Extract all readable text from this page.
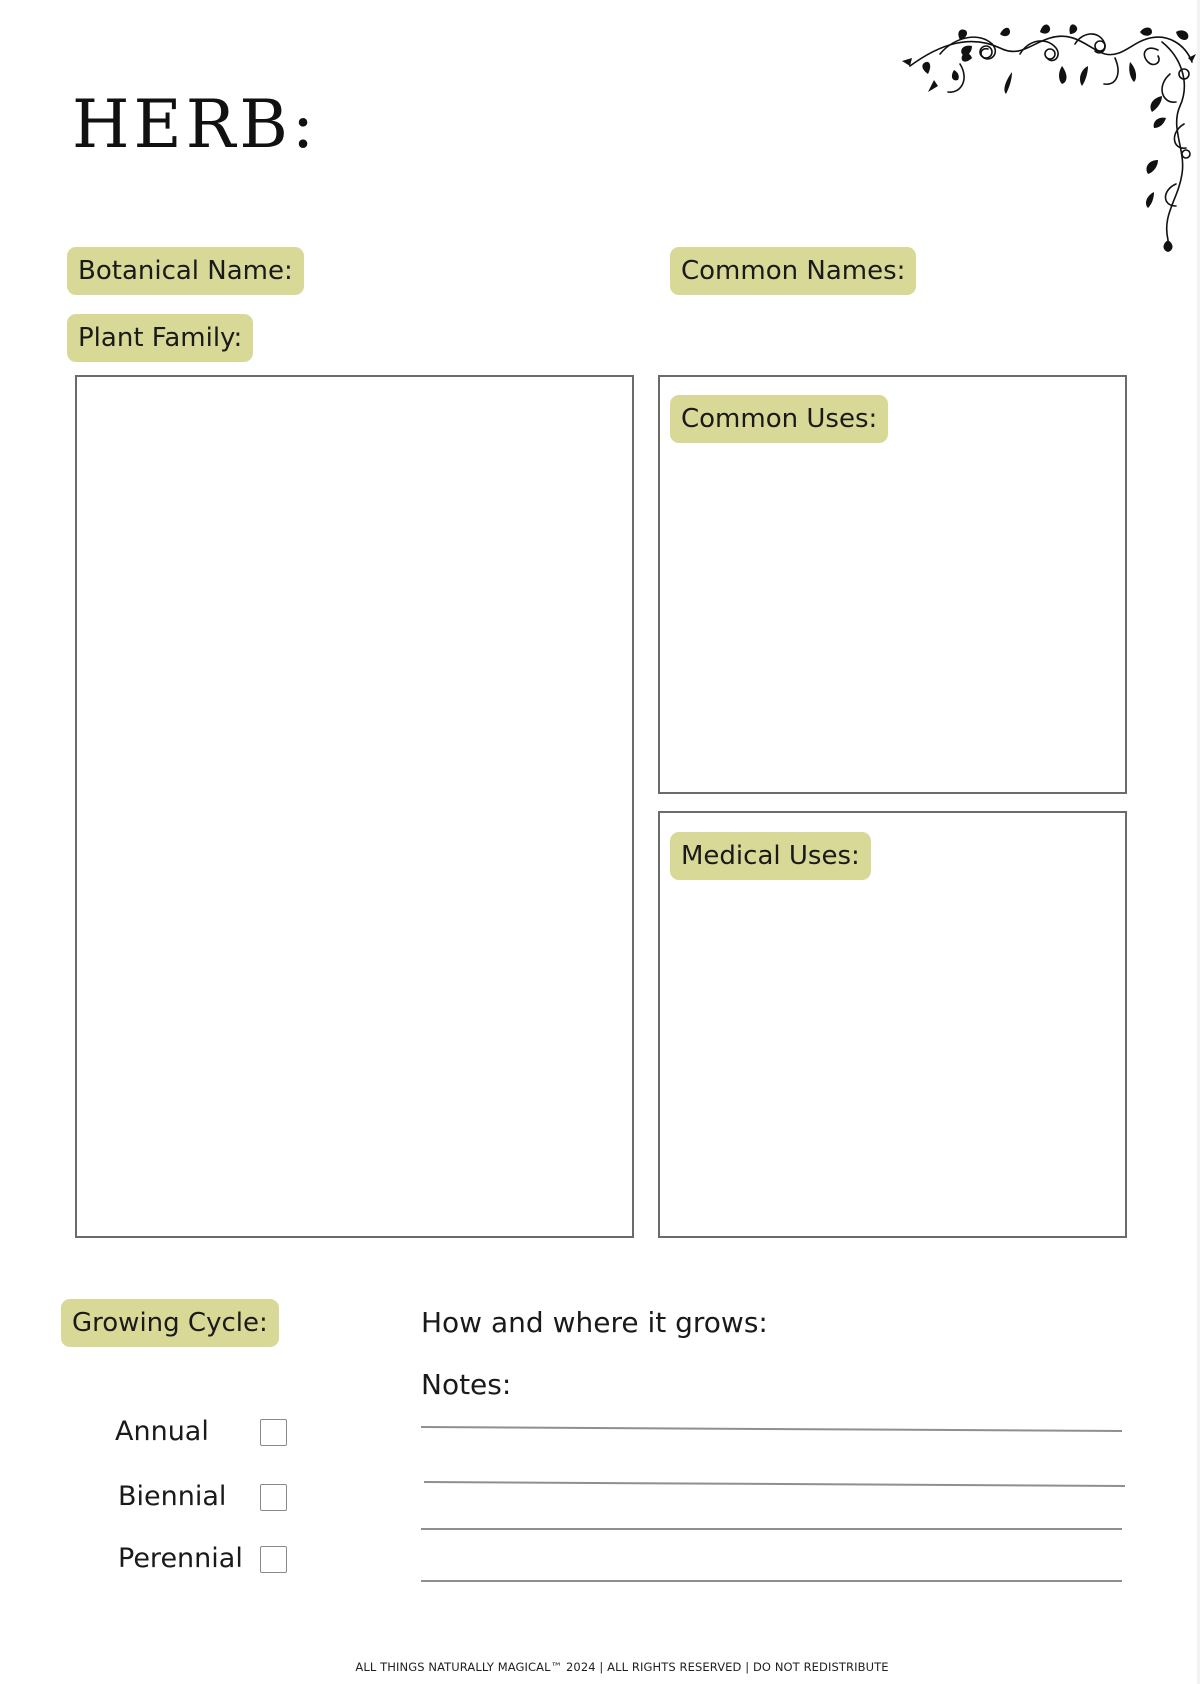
HERB:
Botanical Name:	Common Names:
Plant Family:
Common Uses:
Medical Uses:
Growing Cycle:
Annual
Biennial
Perennial
How and where it grows:
Notes:
ALL THINGS NATURALLY MAGICAL™ 2024 | ALL RIGHTS RESERVED | DO NOT REDISTRIBUTE
